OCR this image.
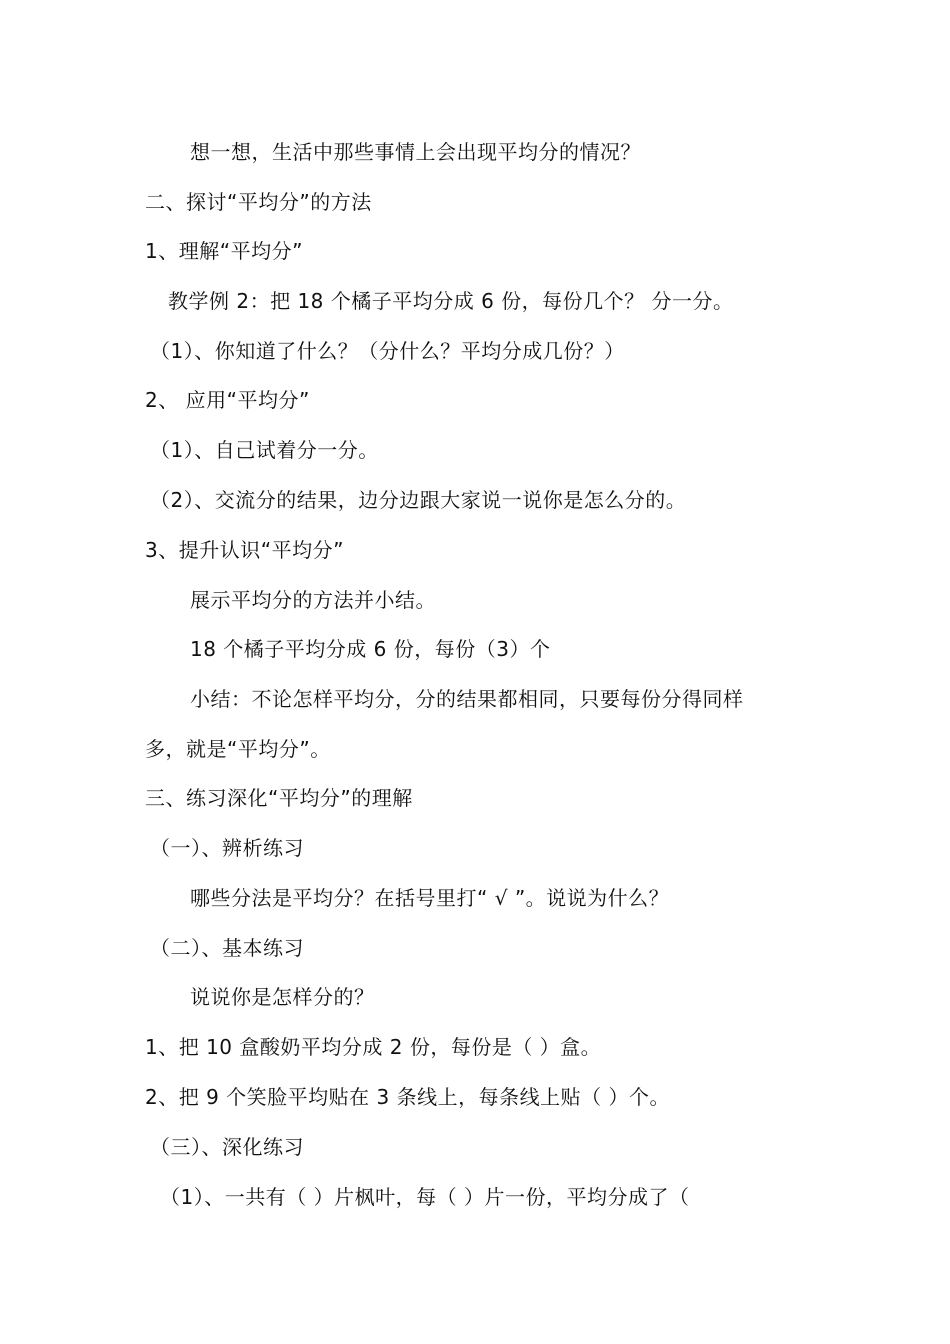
想一想，生活中那些事情上会出现平均分的情况？
二、探讨“平均分”的方法
1、理解“平均分”
教学例 2：把 18 个橘子平均分成 6 份，每份几个？ 分一分。
（1）、你知道了什么？（分什么？平均分成几份？）
2、 应用“平均分”
（1）、自己试着分一分。
（2）、交流分的结果，边分边跟大家说一说你是怎么分的。
3、提升认识“平均分”
展示平均分的方法并小结。
18 个橘子平均分成 6 份，每份（3）个
小结：不论怎样平均分，分的结果都相同，只要每份分得同样
多，就是“平均分”。
三、练习深化“平均分”的理解
（一）、辨析练习
哪些分法是平均分？在括号里打“ √ ”。说说为什么？
（二）、基本练习
说说你是怎样分的？
1、把 10 盒酸奶平均分成 2 份，每份是（ ）盒。
2、把 9 个笑脸平均贴在 3 条线上，每条线上贴（ ）个。
（三）、深化练习
（1）、一共有（ ）片枫叶，每（ ）片一份，平均分成了（
